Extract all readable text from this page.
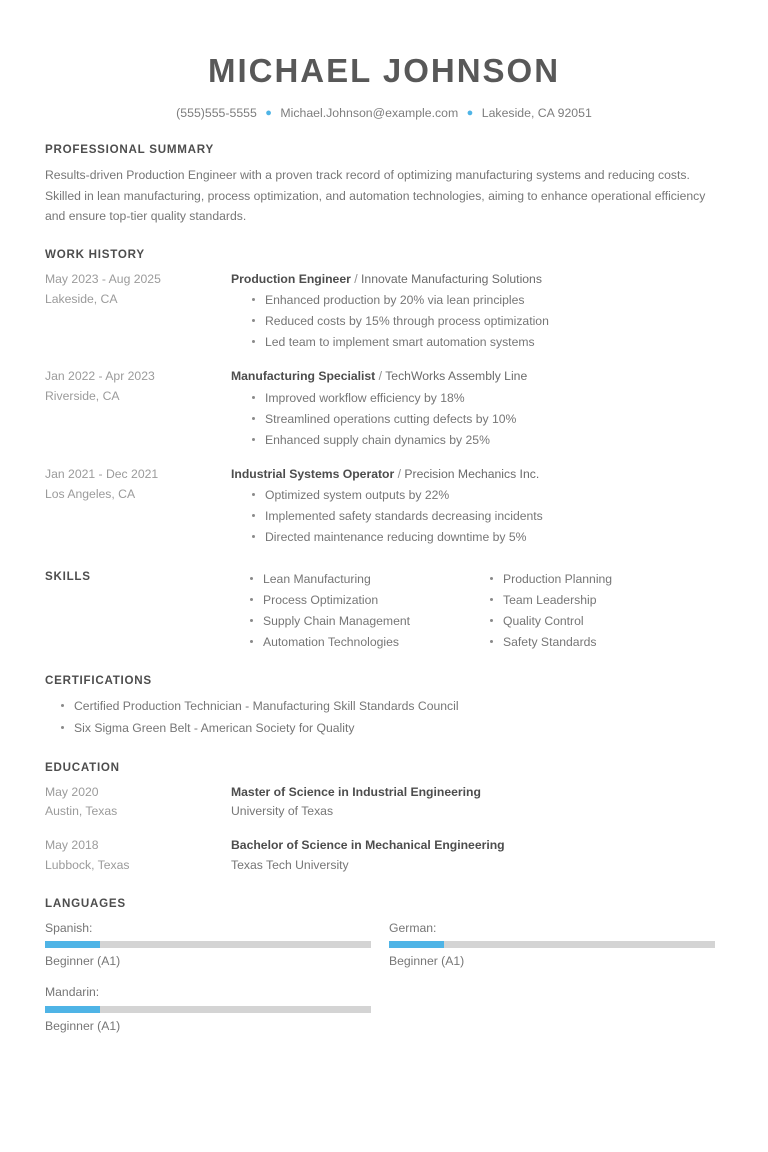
MICHAEL JOHNSON
(555)555-5555 ● Michael.Johnson@example.com ● Lakeside, CA 92051
PROFESSIONAL SUMMARY
Results-driven Production Engineer with a proven track record of optimizing manufacturing systems and reducing costs. Skilled in lean manufacturing, process optimization, and automation technologies, aiming to enhance operational efficiency and ensure top-tier quality standards.
WORK HISTORY
May 2023 - Aug 2025
Lakeside, CA
Production Engineer / Innovate Manufacturing Solutions
Enhanced production by 20% via lean principles
Reduced costs by 15% through process optimization
Led team to implement smart automation systems
Jan 2022 - Apr 2023
Riverside, CA
Manufacturing Specialist / TechWorks Assembly Line
Improved workflow efficiency by 18%
Streamlined operations cutting defects by 10%
Enhanced supply chain dynamics by 25%
Jan 2021 - Dec 2021
Los Angeles, CA
Industrial Systems Operator / Precision Mechanics Inc.
Optimized system outputs by 22%
Implemented safety standards decreasing incidents
Directed maintenance reducing downtime by 5%
SKILLS	Lean Manufacturing
Process Optimization
Supply Chain Management
Automation Technologies
Production Planning
Team Leadership
Quality Control
Safety Standards
CERTIFICATIONS
Certified Production Technician - Manufacturing Skill Standards Council
Six Sigma Green Belt - American Society for Quality
EDUCATION
May 2020
Austin, Texas
Master of Science in Industrial Engineering
University of Texas
May 2018
Lubbock, Texas
Bachelor of Science in Mechanical Engineering
Texas Tech University
LANGUAGES
Spanish:
Beginner (A1)
German:
Beginner (A1)
Mandarin:
Beginner (A1)
